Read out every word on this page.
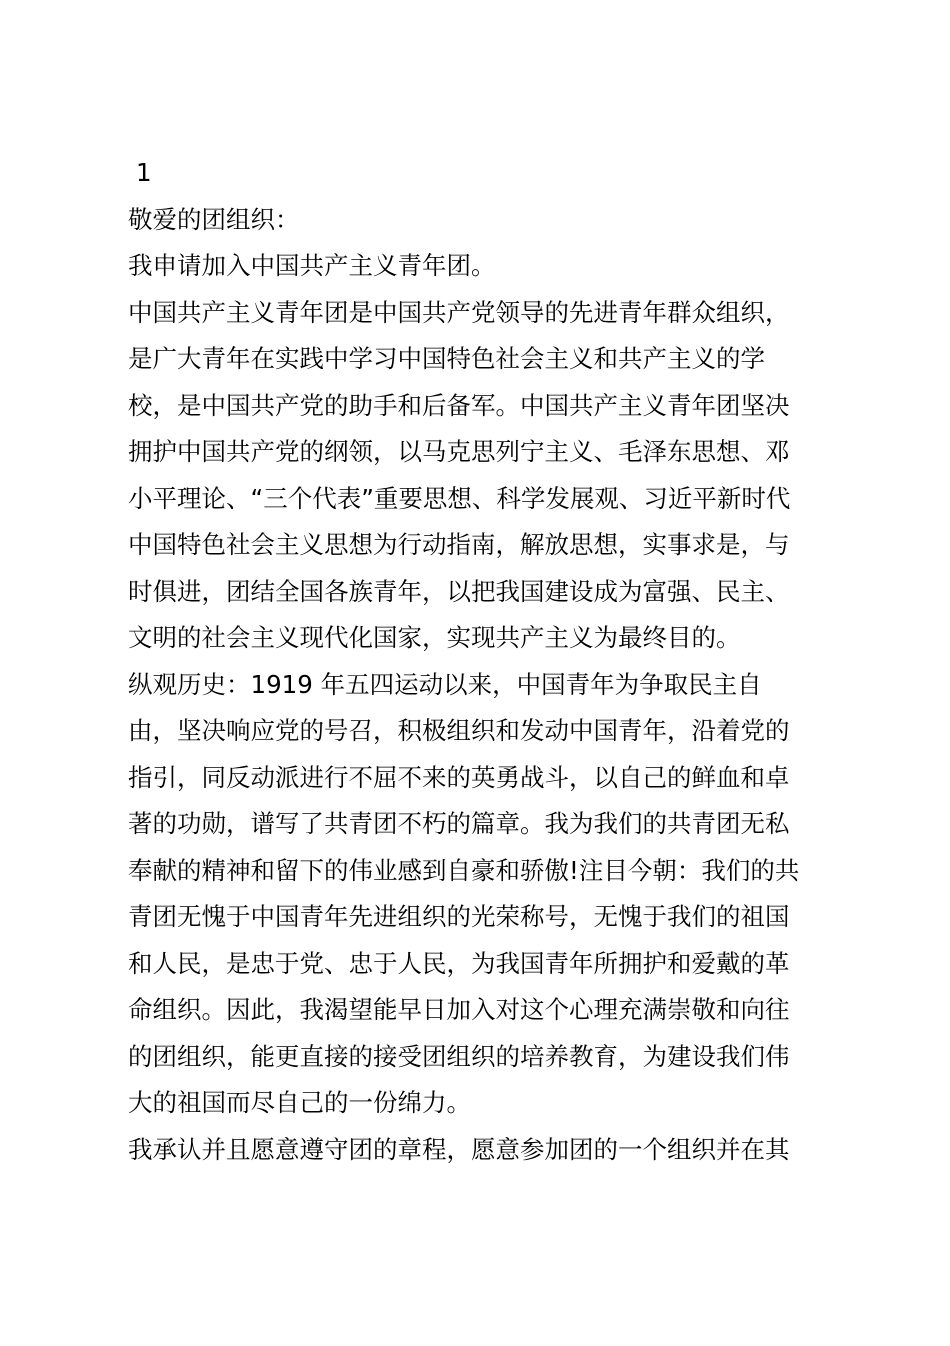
1
敬爱的团组织：
我申请加入中国共产主义青年团。
中国共产主义青年团是中国共产党领导的先进青年群众组织，
是广大青年在实践中学习中国特色社会主义和共产主义的学
校，是中国共产党的助手和后备军。中国共产主义青年团坚决
拥护中国共产党的纲领，以马克思列宁主义、毛泽东思想、邓
小平理论、“三个代表”重要思想、科学发展观、习近平新时代
中国特色社会主义思想为行动指南，解放思想，实事求是，与
时俱进，团结全国各族青年，以把我国建设成为富强、民主、
文明的社会主义现代化国家，实现共产主义为最终目的。
纵观历史：1919 年五四运动以来，中国青年为争取民主自
由，坚决响应党的号召，积极组织和发动中国青年，沿着党的
指引，同反动派进行不屈不来的英勇战斗，以自己的鲜血和卓
著的功勋，谱写了共青团不朽的篇章。我为我们的共青团无私
奉献的精神和留下的伟业感到自豪和骄傲!注目今朝：我们的共
青团无愧于中国青年先进组织的光荣称号，无愧于我们的祖国
和人民，是忠于党、忠于人民，为我国青年所拥护和爱戴的革
命组织。因此，我渴望能早日加入对这个心理充满崇敬和向往
的团组织，能更直接的接受团组织的培养教育，为建设我们伟
大的祖国而尽自己的一份绵力。
我承认并且愿意遵守团的章程，愿意参加团的一个组织并在其
